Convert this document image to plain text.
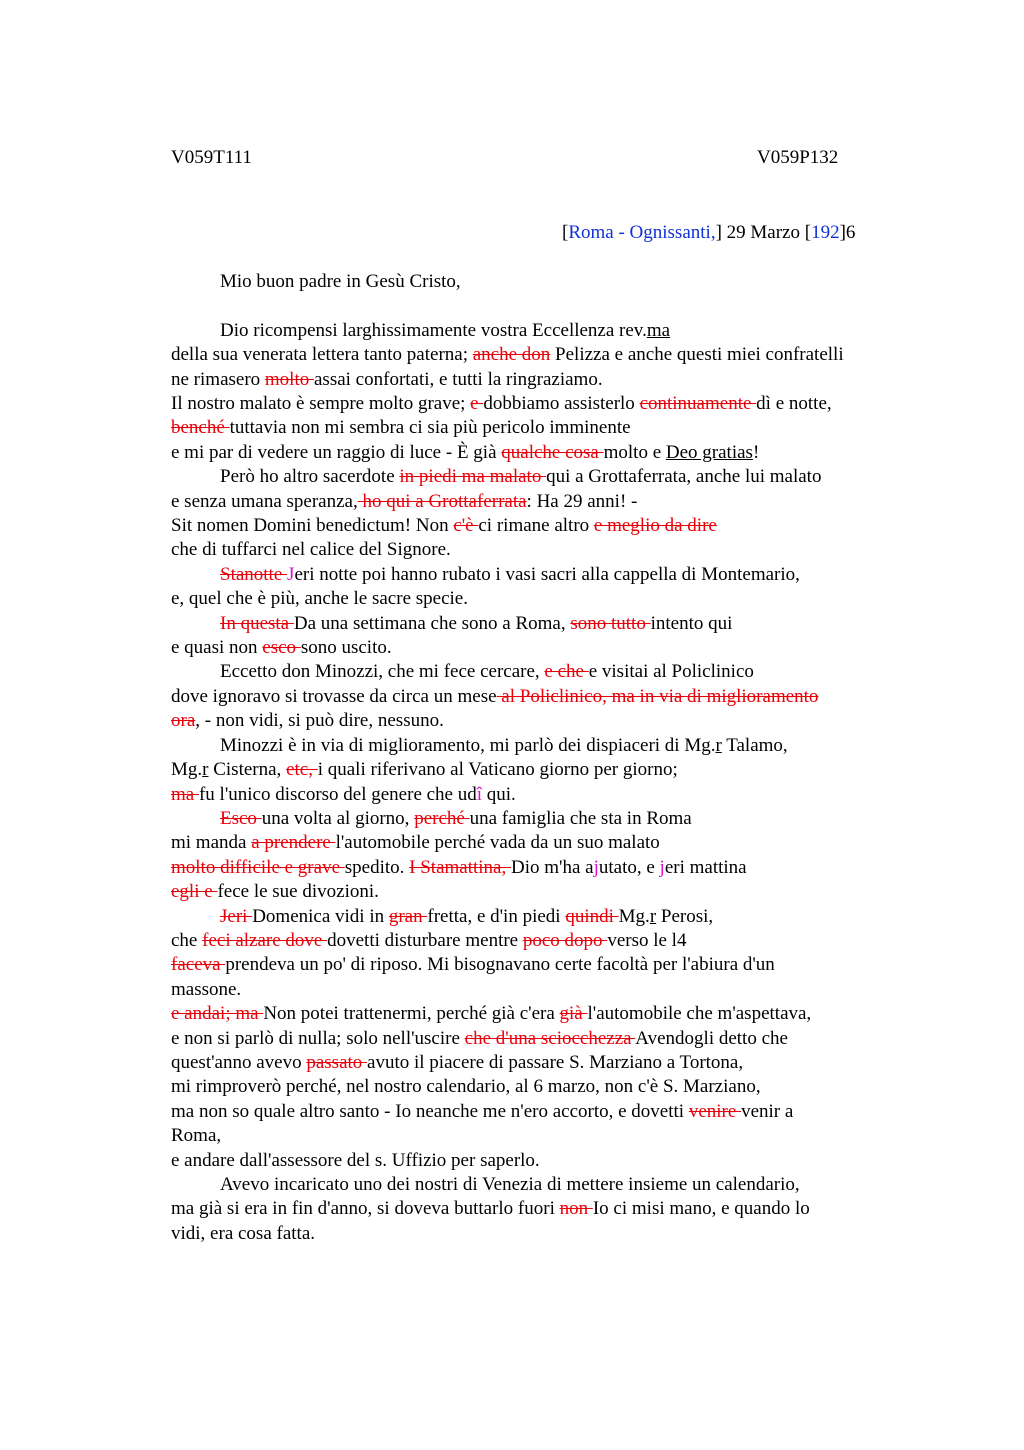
V059T111	V059P132
[Roma - Ognissanti,] 29 Marzo [192]6
Mio buon padre in Gesù Cristo,
Dio ricompensi larghissimamente vostra Eccellenza rev.ma
della sua venerata lettera tanto paterna; anche don Pelizza e anche questi miei confratelli
ne rimasero molto assai confortati, e tutti la ringraziamo.
Il nostro malato è sempre molto grave; e dobbiamo assisterlo continuamente dì e notte,
benché tuttavia non mi sembra ci sia più pericolo imminente
e mi par di vedere un raggio di luce - È già qualche cosa molto e Deo gratias!
Però ho altro sacerdote in piedi ma malato qui a Grottaferrata, anche lui malato
e senza umana speranza, ho qui a Grottaferrata: Ha 29 anni! -
Sit nomen Domini benedictum! Non c'è ci rimane altro e meglio da dire
che di tuffarci nel calice del Signore.
Stanotte Jeri notte poi hanno rubato i vasi sacri alla cappella di Montemario,
e, quel che è più, anche le sacre specie.
In questa Da una settimana che sono a Roma, sono tutto intento qui
e quasi non esco sono uscito.
Eccetto don Minozzi, che mi fece cercare, e che e visitai al Policlinico
dove ignoravo si trovasse da circa un mese al Policlinico, ma in via di miglioramento
ora, - non vidi, si può dire, nessuno.
Minozzi è in via di miglioramento, mi parlò dei dispiaceri di Mg.r Talamo,
Mg.r Cisterna, etc, i quali riferivano al Vaticano giorno per giorno;
ma fu l'unico discorso del genere che udî qui.
Esco una volta al giorno, perché una famiglia che sta in Roma
mi manda a prendere l'automobile perché vada da un suo malato
molto difficile e grave spedito. I Stamattina, Dio m'ha ajutato, e jeri mattina
egli e fece le sue divozioni.
Jeri Domenica vidi in gran fretta, e d'in piedi quindi Mg.r Perosi,
che feci alzare dove dovetti disturbare mentre poco dopo verso le l4
faceva prendeva un po' di riposo. Mi bisognavano certe facoltà per l'abiura d'un
massone.
e andai; ma Non potei trattenermi, perché già c'era già l'automobile che m'aspettava,
e non si parlò di nulla; solo nell'uscire che d'una sciocchezza Avendogli detto che
quest'anno avevo passato avuto il piacere di passare S. Marziano a Tortona,
mi rimproverò perché, nel nostro calendario, al 6 marzo, non c'è S. Marziano,
ma non so quale altro santo - Io neanche me n'ero accorto, e dovetti venire venir a
Roma,
e andare dall'assessore del s. Uffizio per saperlo.
Avevo incaricato uno dei nostri di Venezia di mettere insieme un calendario,
ma già si era in fin d'anno, si doveva buttarlo fuori non Io ci misi mano, e quando lo
vidi, era cosa fatta.
